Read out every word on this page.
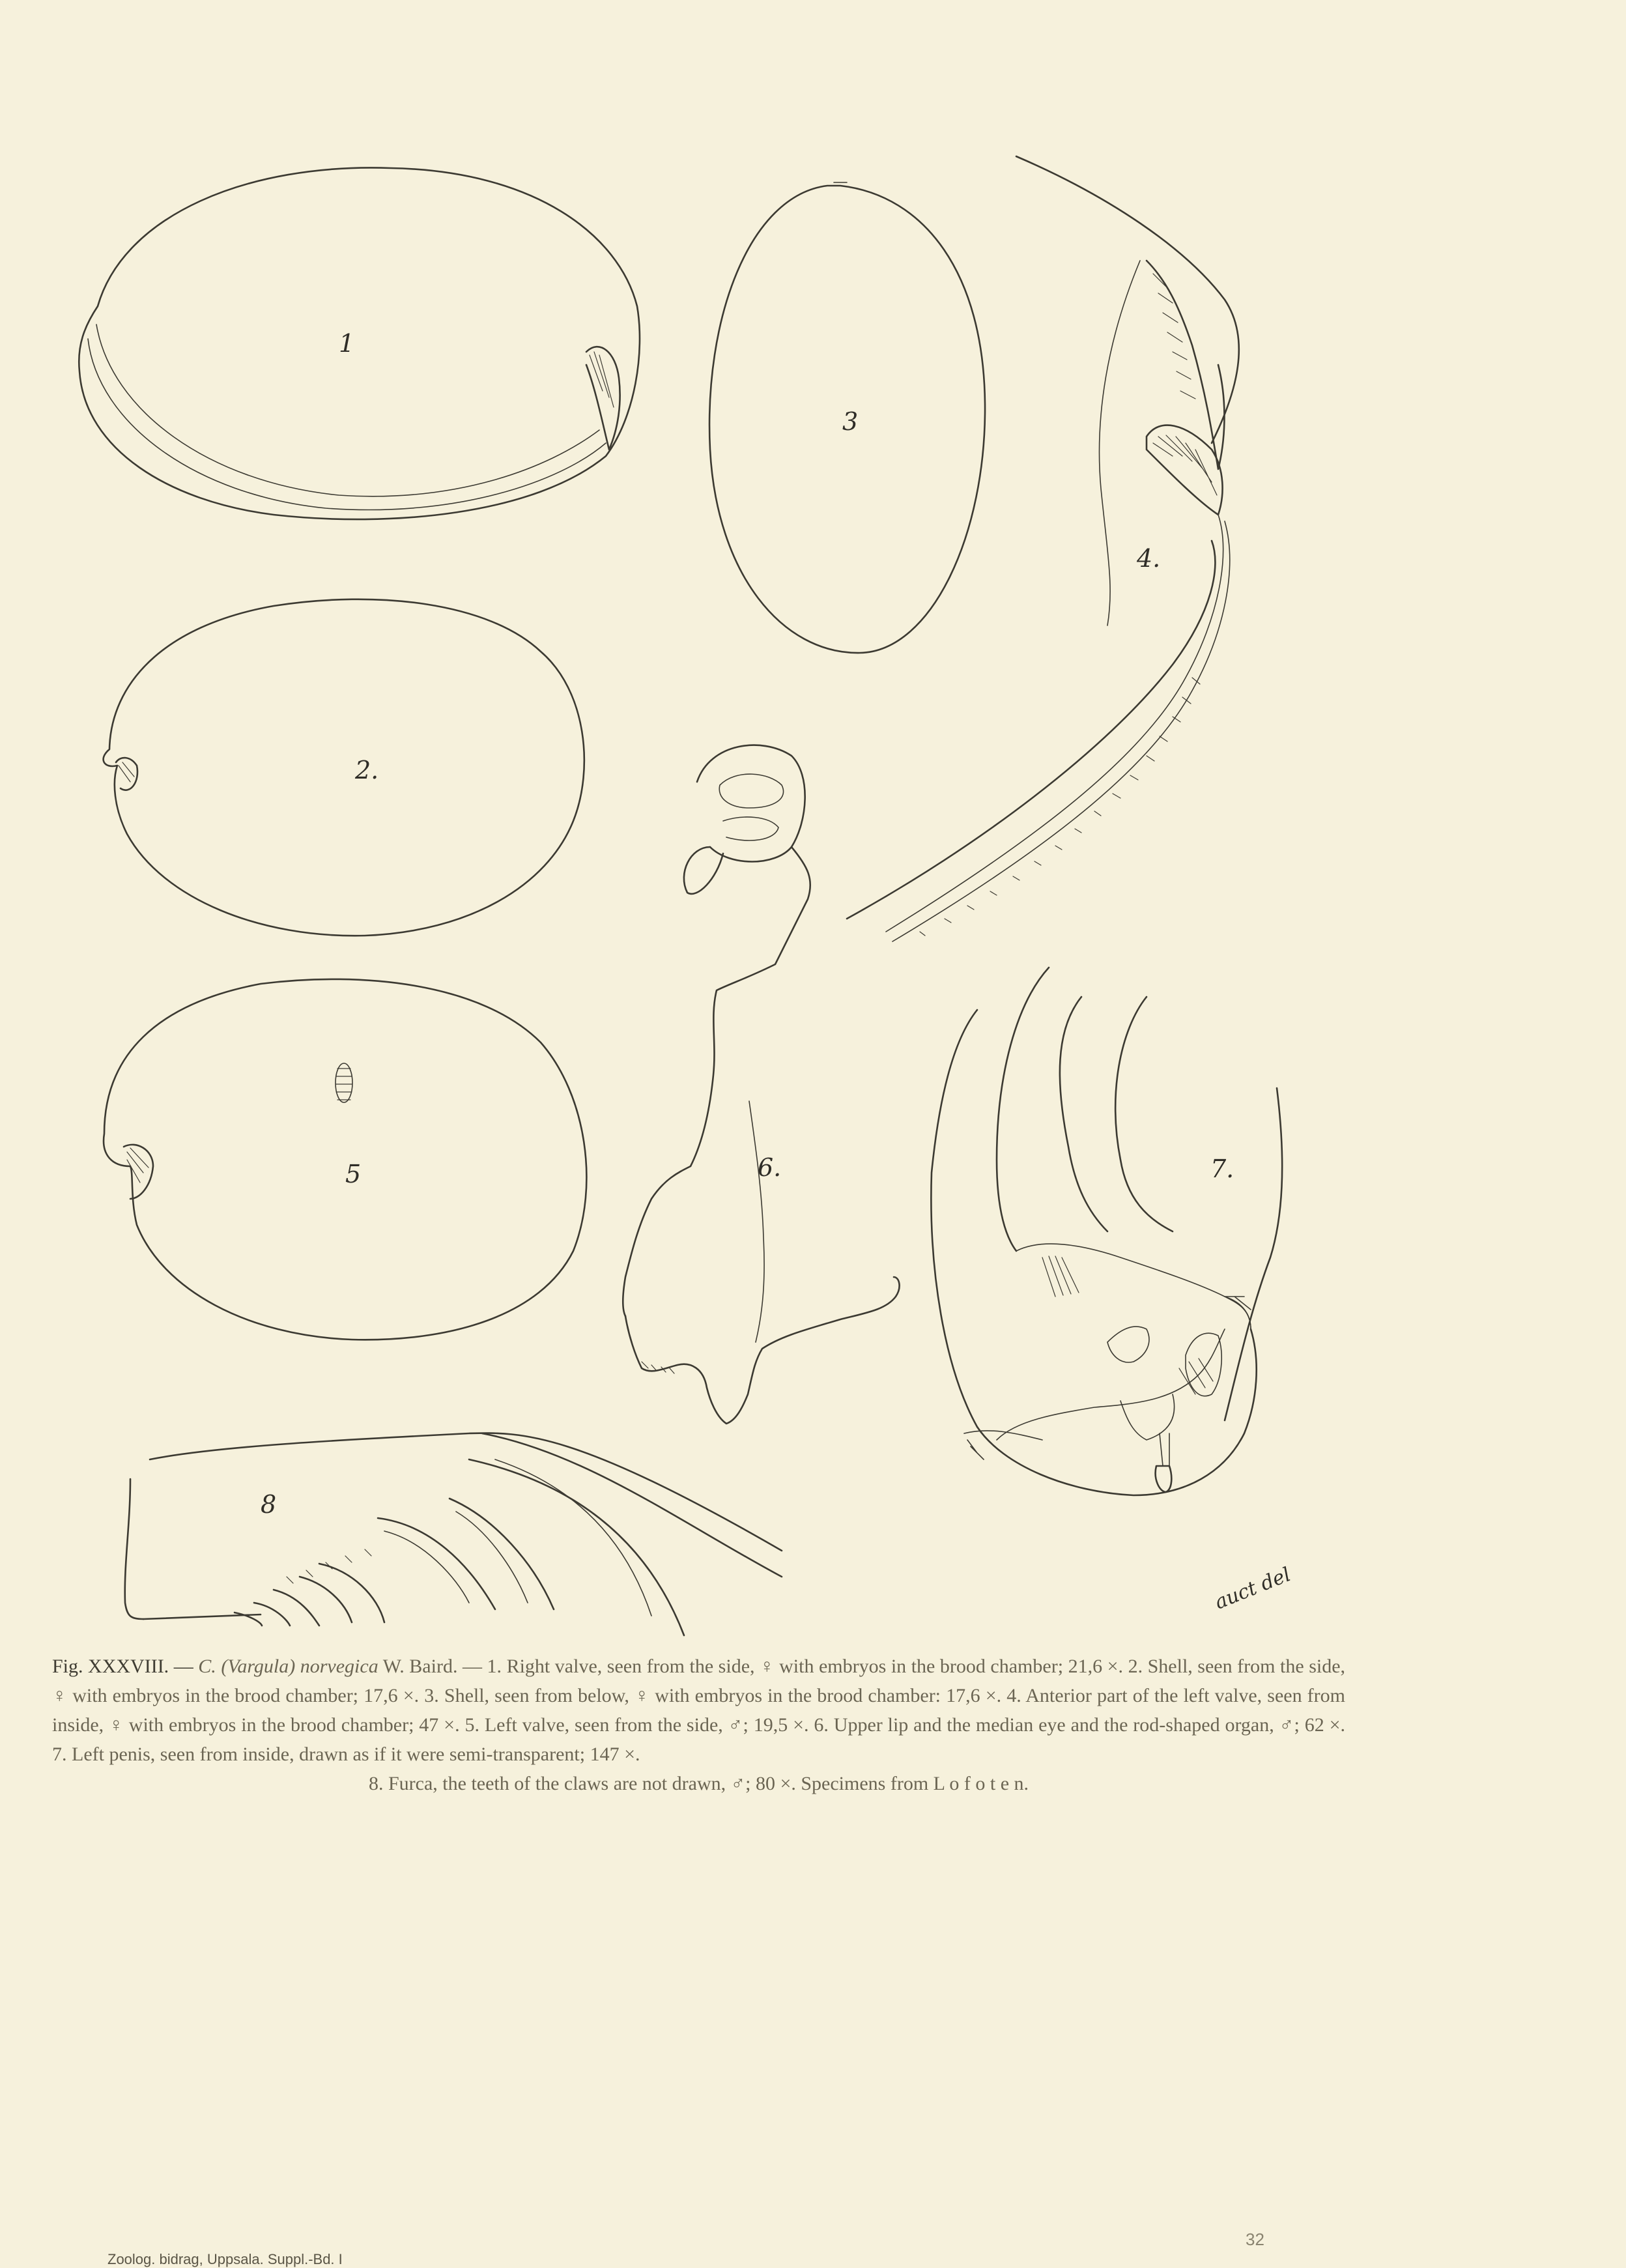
1
2.
5
3
4.
6.	7.
auct del
8
Fig. XXXVIII. — C. (Vargula) norvegica W. Baird. — 1. Right valve, seen from the side, ♀ with embryos in the brood chamber; 21,6 ×. 2. Shell, seen from the side, ♀ with embryos in the brood chamber; 17,6 ×. 3. Shell, seen from below, ♀ with embryos in the brood chamber: 17,6 ×. 4. Anterior part of the left valve, seen from inside, ♀ with embryos in the brood chamber; 47 ×. 5. Left valve, seen from the side, ♂; 19,5 ×. 6. Upper lip and the median eye and the rod-shaped organ, ♂; 62 ×. 7. Left penis, seen from inside, drawn as if it were semi-transparent; 147 ×.
8. Furca, the teeth of the claws are not drawn, ♂; 80 ×. Specimens from L o f o t e n.
Zoolog. bidrag, Uppsala. Suppl.-Bd. I
32
